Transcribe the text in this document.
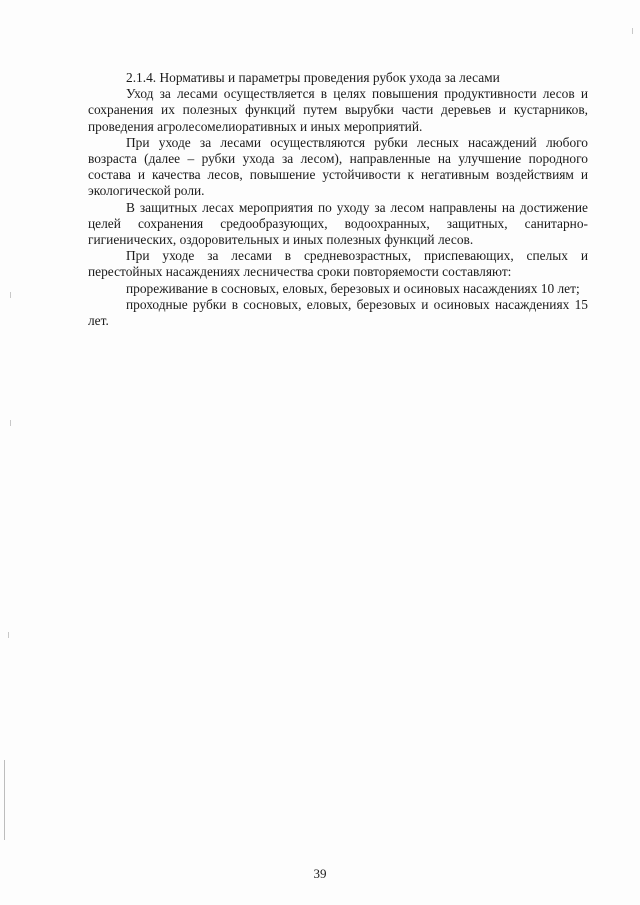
2.1.4. Нормативы и параметры проведения рубок ухода за лесами

Уход за лесами осуществляется в целях повышения продуктивности лесов и сохранения их полезных функций путем вырубки части деревьев и кустарников, проведения агролесомелиоративных и иных мероприятий.

При уходе за лесами осуществляются рубки лесных насаждений любого возраста (далее – рубки ухода за лесом), направленные на улучшение породного состава и качества лесов, повышение устойчивости к негативным воздействиям и экологической роли.

В защитных лесах мероприятия по уходу за лесом направлены на достижение целей сохранения средообразующих, водоохранных, защитных, санитарно-гигиенических, оздоровительных и иных полезных функций лесов.

При уходе за лесами в средневозрастных, приспевающих, спелых и перестойных насаждениях лесничества сроки повторяемости составляют:

прореживание в сосновых, еловых, березовых и осиновых насаждениях 10 лет;

проходные рубки в сосновых, еловых, березовых и осиновых насаждениях 15 лет.

39
